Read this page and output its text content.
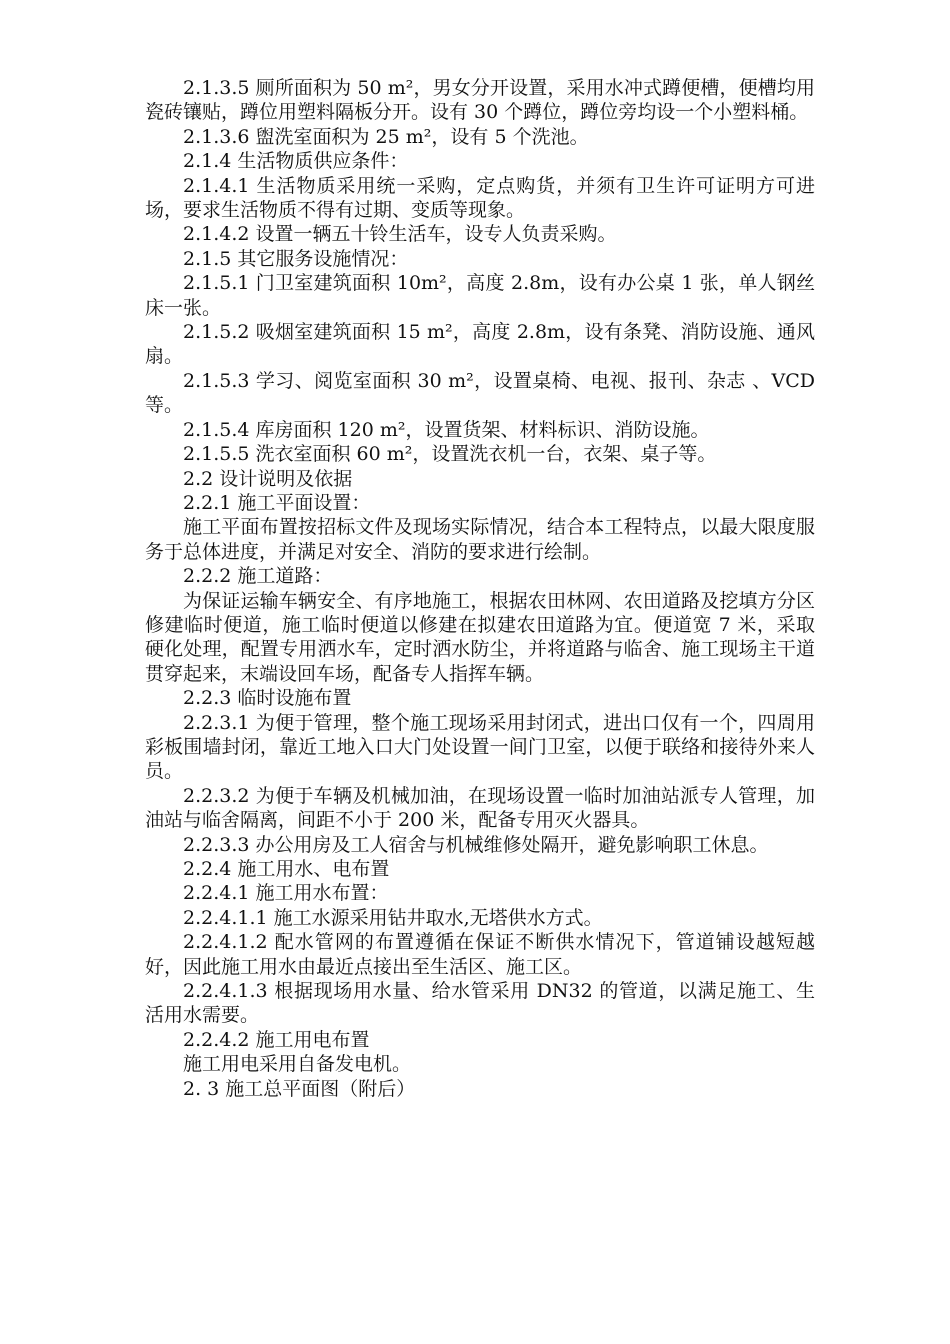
2.1.3.5 厕所面积为 50 m²，男女分开设置，采用水冲式蹲便槽，便槽均用瓷砖镶贴，蹲位用塑料隔板分开。设有 30 个蹲位，蹲位旁均设一个小塑料桶。

2.1.3.6 盥洗室面积为 25 m²，设有 5 个洗池。

2.1.4 生活物质供应条件：

2.1.4.1 生活物质采用统一采购，定点购货，并须有卫生许可证明方可进场，要求生活物质不得有过期、变质等现象。

2.1.4.2 设置一辆五十铃生活车，设专人负责采购。

2.1.5 其它服务设施情况：

2.1.5.1 门卫室建筑面积 10m²，高度 2.8m，设有办公桌 1 张，单人钢丝床一张。

2.1.5.2 吸烟室建筑面积 15 m²，高度 2.8m，设有条凳、消防设施、通风扇。

2.1.5.3 学习、阅览室面积 30 m²，设置桌椅、电视、报刊、杂志 、VCD 等。

2.1.5.4 库房面积 120 m²，设置货架、材料标识、消防设施。

2.1.5.5 洗衣室面积 60 m²，设置洗衣机一台，衣架、桌子等。

2.2 设计说明及依据

2.2.1 施工平面设置：

施工平面布置按招标文件及现场实际情况，结合本工程特点，以最大限度服务于总体进度，并满足对安全、消防的要求进行绘制。

2.2.2 施工道路：

为保证运输车辆安全、有序地施工，根据农田林网、农田道路及挖填方分区修建临时便道，施工临时便道以修建在拟建农田道路为宜。便道宽 7 米，采取硬化处理，配置专用洒水车，定时洒水防尘，并将道路与临舍、施工现场主干道贯穿起来，末端设回车场，配备专人指挥车辆。

2.2.3 临时设施布置

2.2.3.1 为便于管理，整个施工现场采用封闭式，进出口仅有一个，四周用彩板围墙封闭，靠近工地入口大门处设置一间门卫室，以便于联络和接待外来人员。

2.2.3.2 为便于车辆及机械加油，在现场设置一临时加油站派专人管理，加油站与临舍隔离，间距不小于 200 米，配备专用灭火器具。

2.2.3.3 办公用房及工人宿舍与机械维修处隔开，避免影响职工休息。

2.2.4 施工用水、电布置

2.2.4.1 施工用水布置：

2.2.4.1.1 施工水源采用钻井取水,无塔供水方式。

2.2.4.1.2 配水管网的布置遵循在保证不断供水情况下，管道铺设越短越好，因此施工用水由最近点接出至生活区、施工区。

2.2.4.1.3 根据现场用水量、给水管采用 DN32 的管道，以满足施工、生活用水需要。

2.2.4.2 施工用电布置

施工用电采用自备发电机。

2. 3 施工总平面图（附后）
